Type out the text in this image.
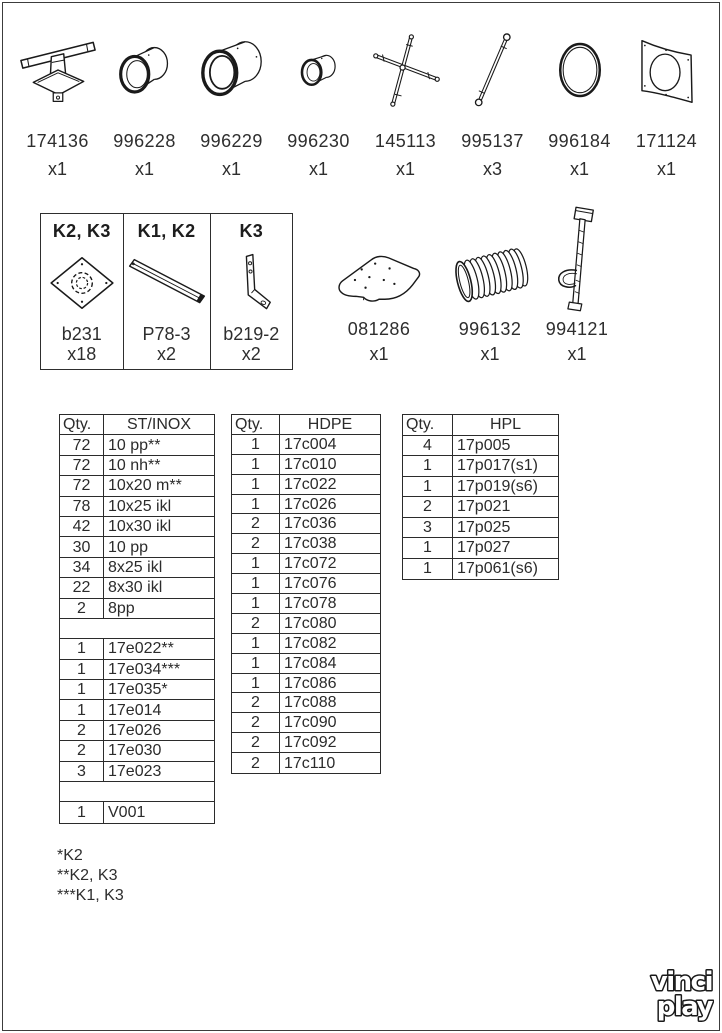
174136
x1
996228
x1
996229
x1
996230
x1
145113
x1
995137
x3
996184
x1
171124
x1
K2, K3
b231
x18
K1, K2
P78-3
x2
K3
b219-2
x2
Qty.	ST/INOX
72	10 pp**
72	10 nh**
72	10x20 m**
78	10x25 ikl
42	10x30 ikl
30	10 pp
34	8x25 ikl
22	8x30 ikl
2	8pp
1	17e022**
1	17e034***
1	17e035*
1	17e014
2	17e026
2	17e030
3	17e023
1	V001
Qty.	HDPE
1	17c004
1	17c010
1	17c022
1	17c026
2	17c036
2	17c038
1	17c072
1	17c076
1	17c078
2	17c080
1	17c082
1	17c084
1	17c086
2	17c088
2	17c090
2	17c092
2	17c110
Qty.	HPL
4	17p005
1	17p017(s1)
1	17p019(s6)
2	17p021
3	17p025
1	17p027
1	17p061(s6)
*K2
**K2, K3
***K1, K3
vinci
play
081286
x1
996132
x1
994121
x1
